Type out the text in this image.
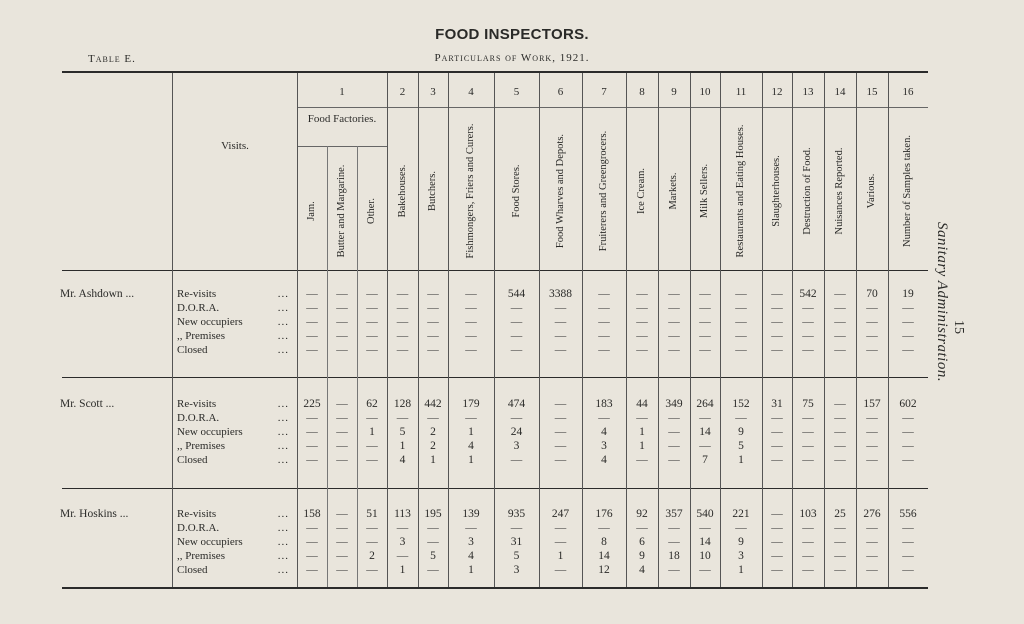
FOOD INSPECTORS.
Table E.	Particulars of Work, 1921.
15
Sanitary Administration.
Visits.
1	2	3	4	5	6	7	8	9	10	11	12	13	14	15	16
Food Factories.
Jam.	Butter and Margarine.	Other.	Bakehouses.	Butchers.	Fishmongers, Friers and Curers.	Food Stores.	Food Wharves and Depots.	Fruiterers and Greengrocers.	Ice Cream.	Markets.	Milk Sellers.	Restaurants and Eating Houses.	Slaughterhouses.	Destruction of Food.	Nuisances Reported.	Various.	Number of Samples taken.
Mr. Ashdown ...	Re-visits	...	—	—	—	—	—	—	544	3388	—	—	—	—	—	—	542	—	70	19
D.O.R.A.	...	—	—	—	—	—	—	—	—	—	—	—	—	—	—	—	—	—	—
New occupiers	...	—	—	—	—	—	—	—	—	—	—	—	—	—	—	—	—	—	—
,, Premises	...	—	—	—	—	—	—	—	—	—	—	—	—	—	—	—	—	—	—
Closed	...	—	—	—	—	—	—	—	—	—	—	—	—	—	—	—	—	—	—
Mr. Scott ...	Re-visits	...	225	—	62	128	442	179	474	—	183	44	349	264	152	31	75	—	157	602
D.O.R.A.	...	—	—	—	—	—	—	—	—	—	—	—	—	—	—	—	—	—	—
New occupiers	...	—	—	1	5	2	1	24	—	4	1	—	14	9	—	—	—	—	—
,, Premises	...	—	—	—	1	2	4	3	—	3	1	—	—	5	—	—	—	—	—
Closed	...	—	—	—	4	1	1	—	—	4	—	—	7	1	—	—	—	—	—
Mr. Hoskins ...	Re-visits	...	158	—	51	113	195	139	935	247	176	92	357	540	221	—	103	25	276	556
D.O.R.A.	...	—	—	—	—	—	—	—	—	—	—	—	—	—	—	—	—	—	—
New occupiers	...	—	—	—	3	—	3	31	—	8	6	—	14	9	—	—	—	—	—
,, Premises	...	—	—	2	—	5	4	5	1	14	9	18	10	3	—	—	—	—	—
Closed	...	—	—	—	1	—	1	3	—	12	4	—	—	1	—	—	—	—	—
